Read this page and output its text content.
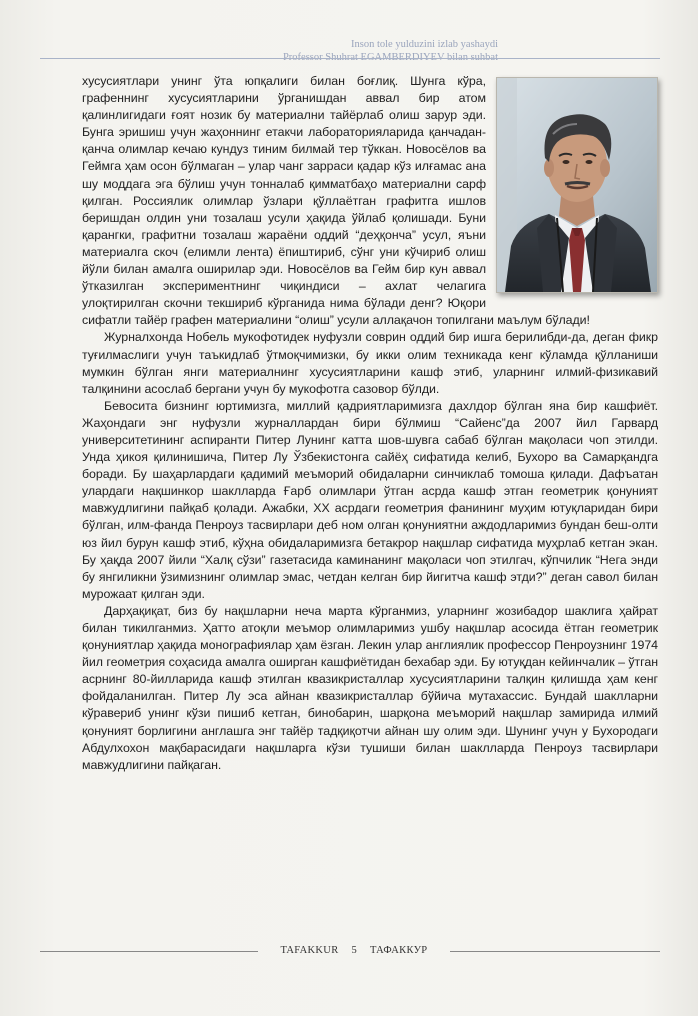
Inson tole yulduzini izlab yashaydi

хусусиятлари унинг ўта юпқалиги билан боғлиқ. Шунга кўра, графеннинг хусусиятларини ўрганишдан аввал бир атом қалинлигидаги ғоят нозик бу материални тайёрлаб олиш зарур эди. Бунга эришиш учун жаҳоннинг етакчи лабораторияларида қанчадан-қанча олимлар кечаю кундуз тиним билмай тер тўккан. Новосёлов ва Геймга ҳам осон бўлмаган – улар чанг зарраси қадар кўз илғамас ана шу моддага эга бўлиш учун тонналаб қимматбаҳо материални сарф қилган. Россиялик олимлар ўзлари қўллаётган графитга ишлов беришдан олдин уни тозалаш усули ҳақида ўйлаб қолишади. Буни қарангки, графитни тозалаш жараёни оддий “деҳқонча” усул, яъни материалга скоч (елимли лента) ёпиштириб, сўнг уни кўчириб олиш йўли билан амалга оширилар эди. Новосёлов ва Гейм бир кун аввал ўтказилган экспериментнинг чиқиндиси – ахлат челагига улоқтирилган скочни текшириб кўрганида нима бўлади денг? Юқори сифатли тайёр графен материалини “олиш” усули аллақачон топилгани маълум бўлади!

Журналхонда Нобель мукофотидек нуфузли соврин оддий бир ишга берилибди-да, деган фикр туғилмаслиги учун таъкидлаб ўтмоқчимизки, бу икки олим техникада кенг кўламда қўлланиши мумкин бўлган янги материалнинг хусусиятларини кашф этиб, уларнинг илмий-физикавий талқинини асослаб бергани учун бу мукофотга сазовор бўлди.

Бевосита бизнинг юртимизга, миллий қадриятларимизга дахлдор бўлган яна бир кашфиёт. Жаҳондаги энг нуфузли журналлардан бири бўлмиш “Сайенс”да 2007 йил Гарвард университетининг аспиранти Питер Лунинг катта шов-шувга сабаб бўлган мақоласи чоп этилди. Унда ҳикоя қилинишича, Питер Лу Ўзбекистонга сайёҳ сифатида келиб, Бухоро ва Самарқандга боради. Бу шаҳарлардаги қадимий меъморий обидаларни синчиклаб томоша қилади. Дафъатан улардаги нақшинкор шаклларда Ғарб олимлари ўтган асрда кашф этган геометрик қонуният мавжудлигини пайқаб қолади. Ажабки, ХХ асрдаги геометрия фанининг муҳим ютуқларидан бири бўлган, илм-фанда Пенроуз тасвирлари деб ном олган қонуниятни аждодларимиз бундан беш-олти юз йил бурун кашф этиб, кўҳна обидаларимизга бетакрор нақшлар сифатида муҳрлаб кетган экан. Бу ҳақда 2007 йили “Халқ сўзи” газетасида каминанинг мақоласи чоп этилгач, кўпчилик “Нега энди бу янгиликни ўзимизнинг олимлар эмас, четдан келган бир йигитча кашф этди?” деган савол билан мурожаат қилган эди.

Дарҳақиқат, биз бу нақшларни неча марта кўрганмиз, уларнинг жозибадор шаклига ҳайрат билан тикилганмиз. Ҳатто атоқли меъмор олимларимиз ушбу нақшлар асосида ётган геометрик қонуниятлар ҳақида монографиялар ҳам ёзган. Лекин улар англиялик профессор Пенроузнинг 1974 йил геометрия соҳасида амалга оширган кашфиётидан бехабар эди. Бу ютуқдан кейинчалик – ўтган асрнинг 80-йилларида кашф этилган квазикристаллар хусусиятларини талқин қилишда ҳам кенг фойдаланилган. Питер Лу эса айнан квазикристаллар бўйича мутахассис. Бундай шаклларни кўравериб унинг кўзи пишиб кетган, бинобарин, шарқона меъморий нақшлар замирида илмий қонуният борлигини англашга энг тайёр тадқиқотчи айнан шу олим эди. Шунинг учун у Бухородаги Абдулхохон мақбарасидаги нақшларга кўзи тушиши билан шаклларда Пенроуз тасвирлари мавжудлигини пайқаган.

TAFAKKUR 5 ТАФАККУР
